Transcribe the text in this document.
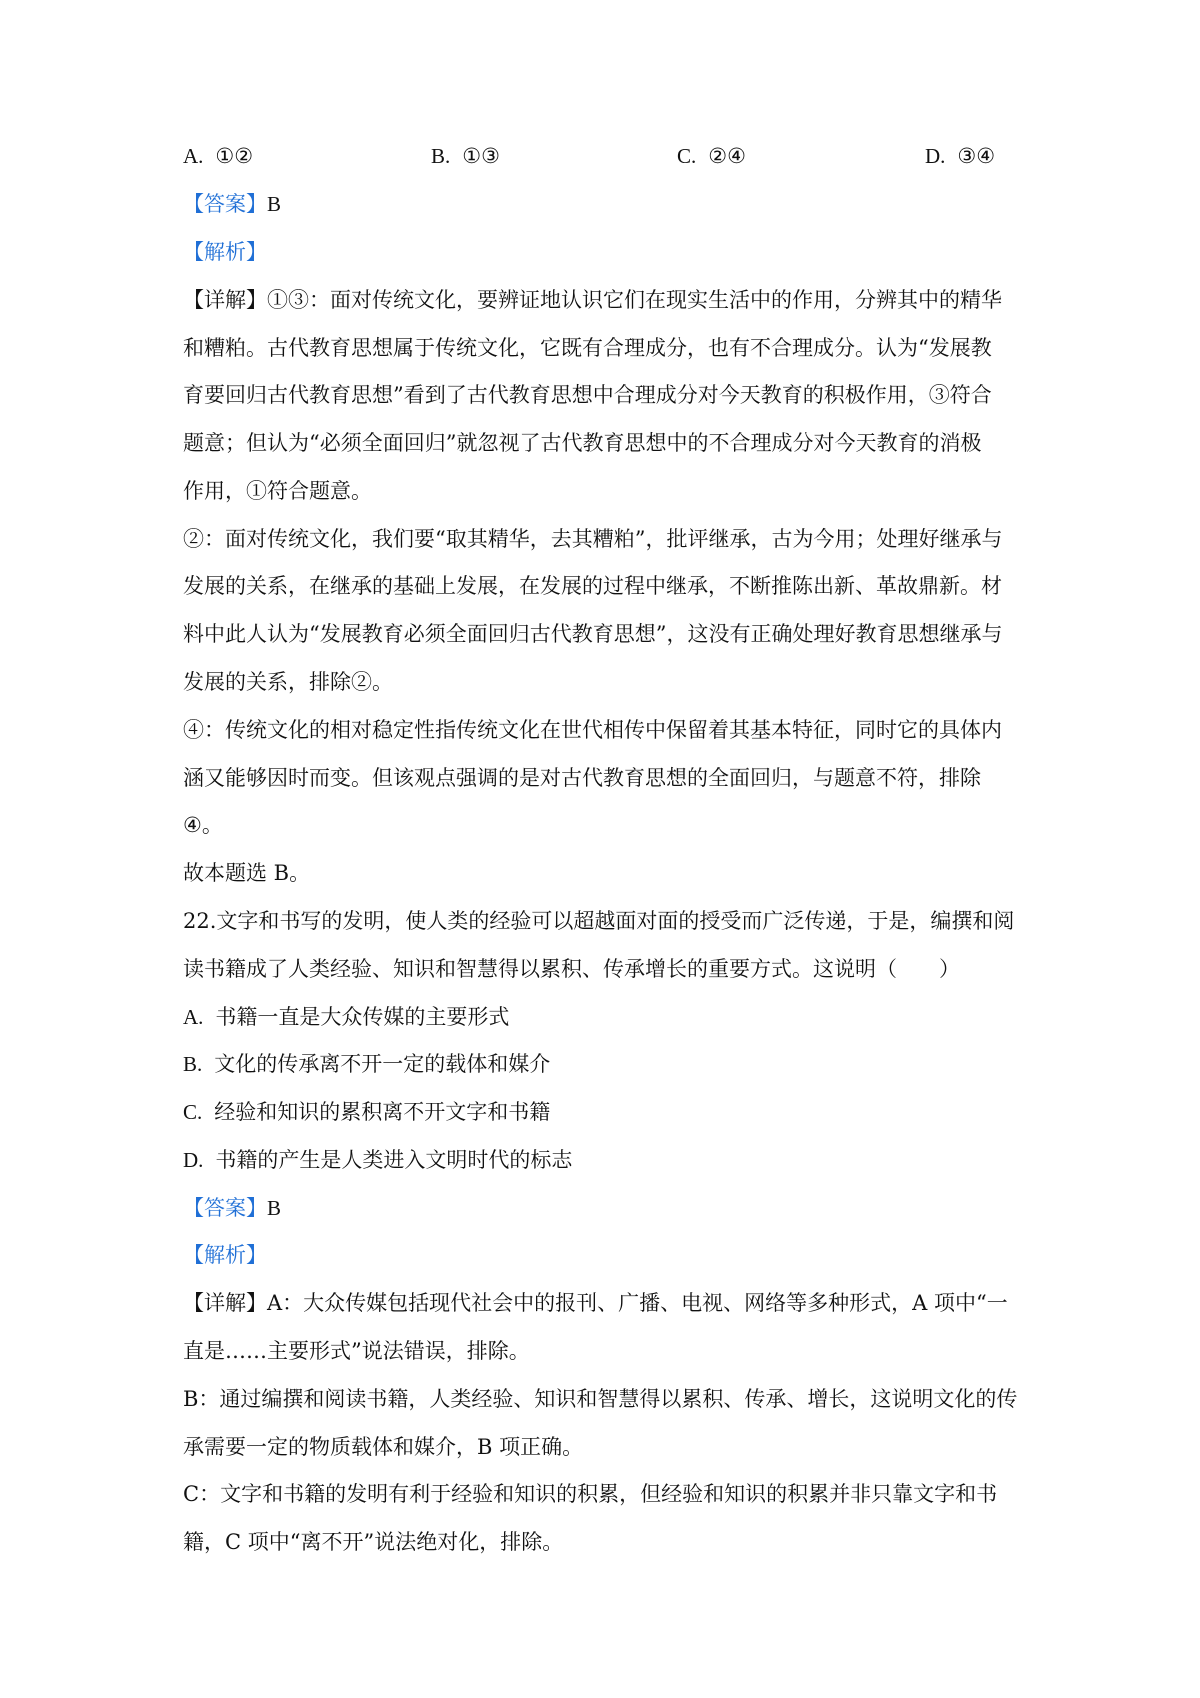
A. ①②	B. ①③	C. ②④	D. ③④
【答案】B
【解析】
【详解】①③：面对传统文化，要辨证地认识它们在现实生活中的作用，分辨其中的精华
和糟粕。古代教育思想属于传统文化，它既有合理成分，也有不合理成分。认为“发展教
育要回归古代教育思想”看到了古代教育思想中合理成分对今天教育的积极作用，③符合
题意；但认为“必须全面回归”就忽视了古代教育思想中的不合理成分对今天教育的消极
作用，①符合题意。
②：面对传统文化，我们要“取其精华，去其糟粕”，批评继承，古为今用；处理好继承与
发展的关系，在继承的基础上发展，在发展的过程中继承，不断推陈出新、革故鼎新。材
料中此人认为“发展教育必须全面回归古代教育思想”，这没有正确处理好教育思想继承与
发展的关系，排除②。
④：传统文化的相对稳定性指传统文化在世代相传中保留着其基本特征，同时它的具体内
涵又能够因时而变。但该观点强调的是对古代教育思想的全面回归，与题意不符，排除
④。
故本题选 B。
22.文字和书写的发明，使人类的经验可以超越面对面的授受而广泛传递，于是，编撰和阅
读书籍成了人类经验、知识和智慧得以累积、传承增长的重要方式。这说明（　　）
A. 书籍一直是大众传媒的主要形式
B. 文化的传承离不开一定的载体和媒介
C. 经验和知识的累积离不开文字和书籍
D. 书籍的产生是人类进入文明时代的标志
【答案】B
【解析】
【详解】A：大众传媒包括现代社会中的报刊、广播、电视、网络等多种形式，A 项中“一
直是……主要形式”说法错误，排除。
B：通过编撰和阅读书籍，人类经验、知识和智慧得以累积、传承、增长，这说明文化的传
承需要一定的物质载体和媒介，B 项正确。
C：文字和书籍的发明有利于经验和知识的积累，但经验和知识的积累并非只靠文字和书
籍，C 项中“离不开”说法绝对化，排除。
